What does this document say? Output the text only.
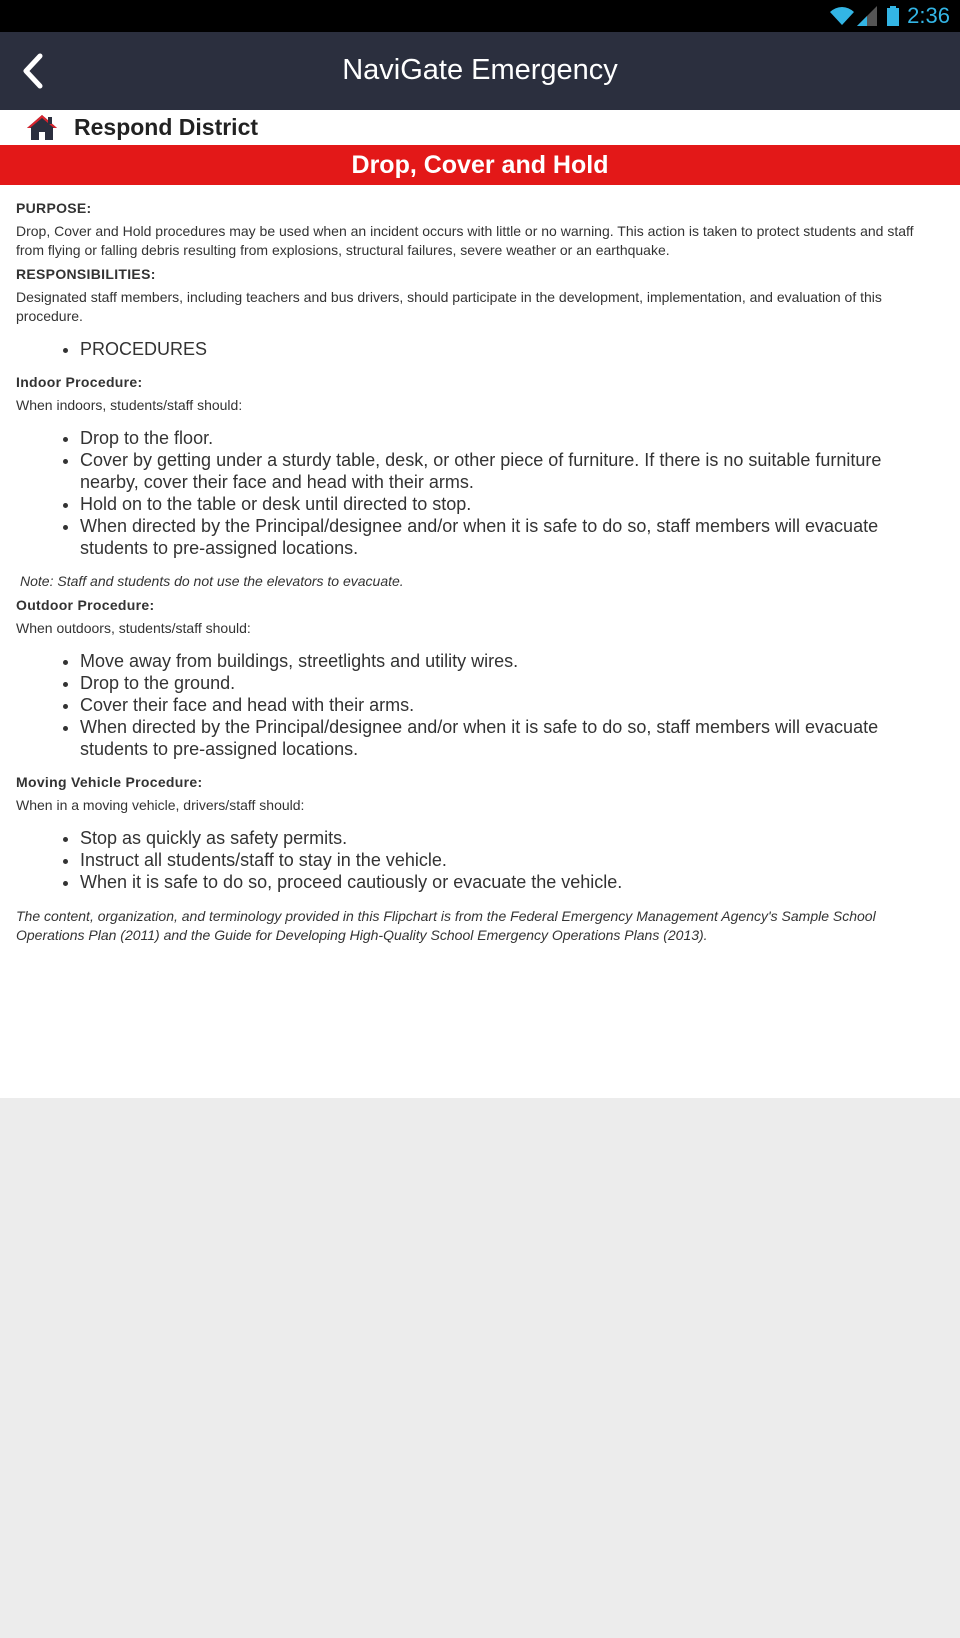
2:36
NaviGate Emergency
Respond District
Drop, Cover and Hold
PURPOSE:
Drop, Cover and Hold procedures may be used when an incident occurs with little or no warning. This action is taken to protect students and staff from flying or falling debris resulting from explosions, structural failures, severe weather or an earthquake.
RESPONSIBILITIES:
Designated staff members, including teachers and bus drivers, should participate in the development, implementation, and evaluation of this procedure.
• PROCEDURES
Indoor Procedure:
When indoors, students/staff should:
• Drop to the floor.
• Cover by getting under a sturdy table, desk, or other piece of furniture. If there is no suitable furniture nearby, cover their face and head with their arms.
• Hold on to the table or desk until directed to stop.
• When directed by the Principal/designee and/or when it is safe to do so, staff members will evacuate students to pre-assigned locations.
Note: Staff and students do not use the elevators to evacuate.
Outdoor Procedure:
When outdoors, students/staff should:
• Move away from buildings, streetlights and utility wires.
• Drop to the ground.
• Cover their face and head with their arms.
• When directed by the Principal/designee and/or when it is safe to do so, staff members will evacuate students to pre-assigned locations.
Moving Vehicle Procedure:
When in a moving vehicle, drivers/staff should:
• Stop as quickly as safety permits.
• Instruct all students/staff to stay in the vehicle.
• When it is safe to do so, proceed cautiously or evacuate the vehicle.
The content, organization, and terminology provided in this Flipchart is from the Federal Emergency Management Agency's Sample School Operations Plan (2011) and the Guide for Developing High-Quality School Emergency Operations Plans (2013).
